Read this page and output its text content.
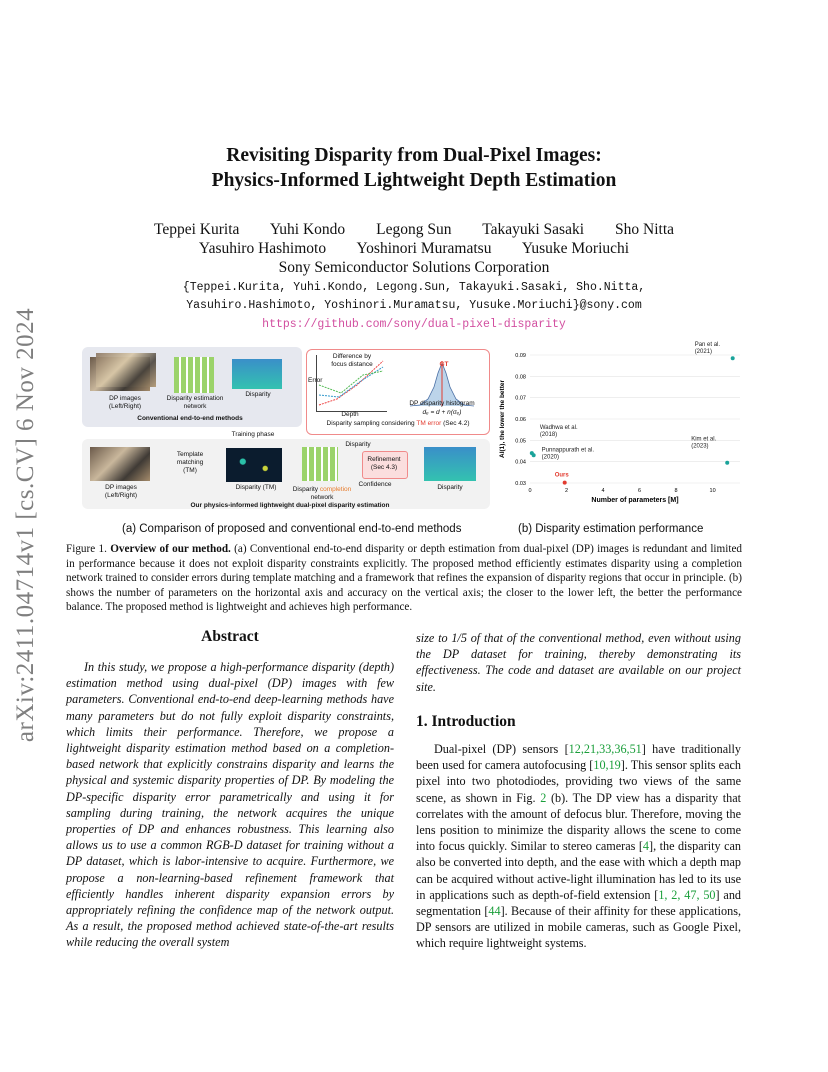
arXiv:2411.04714v1 [cs.CV] 6 Nov 2024
Revisiting Disparity from Dual-Pixel Images:
Physics-Informed Lightweight Depth Estimation
Teppei Kurita        Yuhi Kondo        Legong Sun        Takayuki Sasaki        Sho Nitta
Yasuhiro Hashimoto        Yoshinori Muramatsu        Yusuke Moriuchi
Sony Semiconductor Solutions Corporation
{Teppei.Kurita, Yuhi.Kondo, Legong.Sun, Takayuki.Sasaki, Sho.Nitta,
Yasuhiro.Hashimoto, Yoshinori.Muramatsu, Yusuke.Moriuchi}@sony.com
https://github.com/sony/dual-pixel-disparity
DP images
(Left/Right)
Disparity estimation
network
Disparity
Conventional end-to-end methods
Difference by
focus distance
Error
Depth
GT
DP disparity histogram
dₑ = d + n(σₑ)
Disparity sampling considering TM error (Sec 4.2)
Training phase
DP images
(Left/Right)
Template
matching
(TM)
Disparity (TM)	Disparity completion
network
Disparity
Refinement
(Sec 4.3)
Confidence	Disparity
Our physics-informed lightweight dual-pixel disparity estimation
0.03
0.04
0.05
0.06
0.07
0.08
0.09
0	2	4	6	8	10
Number of parameters [M]
AI(1), the lower the better
Pan et al.
(2021)
Wadhwa et al.
(2018)
Punnappurath et al.
(2020)
Kim et al.
(2023)
Ours
(a) Comparison of proposed and conventional end-to-end methods	(b) Disparity estimation performance
Figure 1. Overview of our method. (a) Conventional end-to-end disparity or depth estimation from dual-pixel (DP) images is redundant and limited in performance because it does not exploit disparity constraints explicitly. The proposed method efficiently estimates disparity using a completion network trained to consider errors during template matching and a framework that refines the expansion of disparity regions that occur in principle. (b) shows the number of parameters on the horizontal axis and accuracy on the vertical axis; the closer to the lower left, the better the performance balance. The proposed method is lightweight and achieves high performance.
Abstract
In this study, we propose a high-performance disparity (depth) estimation method using dual-pixel (DP) images with few parameters. Conventional end-to-end deep-learning methods have many parameters but do not fully exploit disparity constraints, which limits their performance. Therefore, we propose a lightweight disparity estimation method based on a completion-based network that explicitly constrains disparity and learns the physical and systemic disparity properties of DP. By modeling the DP-specific disparity error parametrically and using it for sampling during training, the network acquires the unique properties of DP and enhances robustness. This learning also allows us to use a common RGB-D dataset for training without a DP dataset, which is labor-intensive to acquire. Furthermore, we propose a non-learning-based refinement framework that efficiently handles inherent disparity expansion errors by appropriately refining the confidence map of the network output. As a result, the proposed method achieved state-of-the-art results while reducing the overall system
size to 1/5 of that of the conventional method, even without using the DP dataset for training, thereby demonstrating its effectiveness. The code and dataset are available on our project site.
1. Introduction
Dual-pixel (DP) sensors [12,21,33,36,51] have traditionally been used for camera autofocusing [10,19]. This sensor splits each pixel into two photodiodes, providing two views of the same scene, as shown in Fig. 2 (b). The DP view has a disparity that correlates with the amount of defocus blur. Therefore, moving the lens position to minimize the disparity allows the scene to come into focus quickly. Similar to stereo cameras [4], the disparity can also be converted into depth, and the ease with which a depth map can be acquired without active-light illumination has led to its use in applications such as depth-of-field extension [1, 2, 47, 50] and segmentation [44]. Because of their affinity for these applications, DP sensors are utilized in mobile cameras, such as Google Pixel, which require lightweight systems.
